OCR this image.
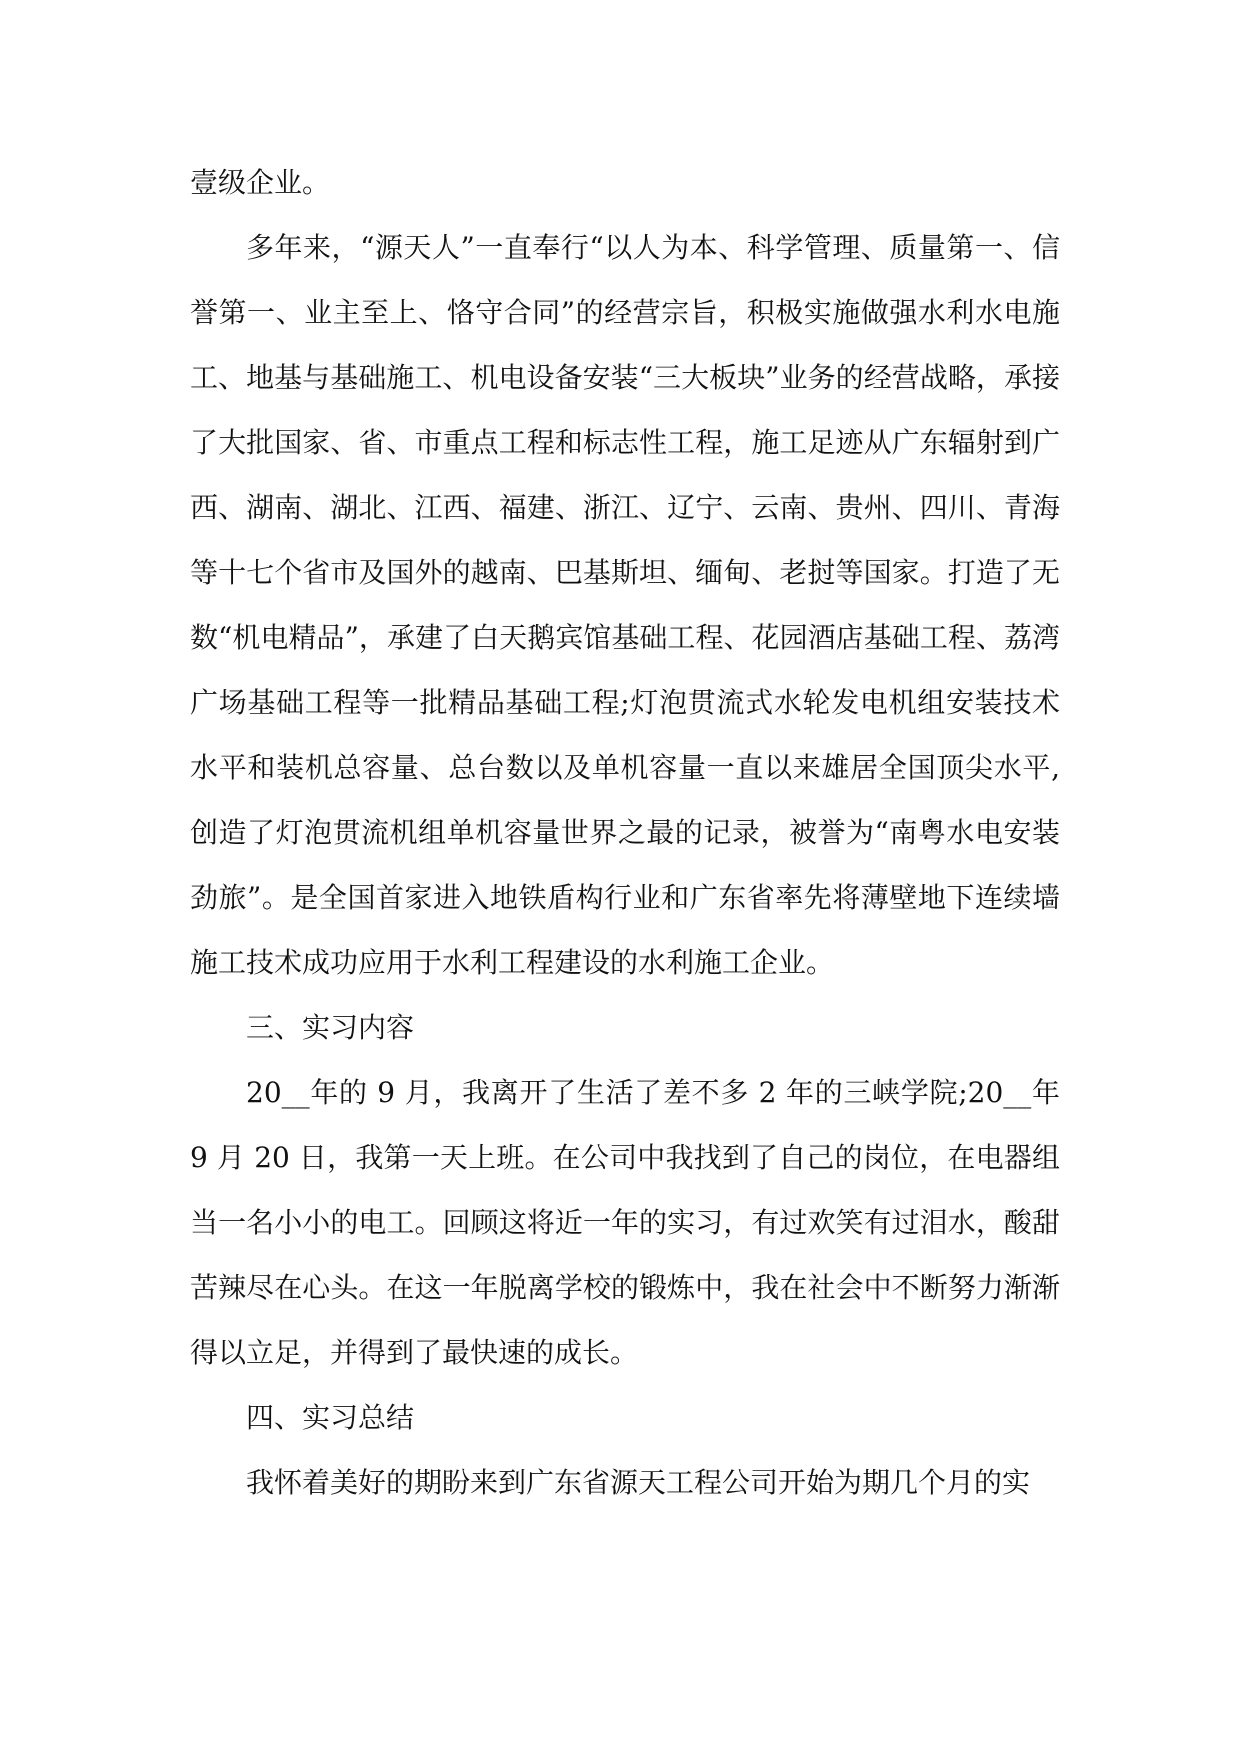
壹级企业。

多年来，“源天人”一直奉行“以人为本、科学管理、质量第一、信誉第一、业主至上、恪守合同”的经营宗旨，积极实施做强水利水电施工、地基与基础施工、机电设备安装“三大板块”业务的经营战略，承接了大批国家、省、市重点工程和标志性工程，施工足迹从广东辐射到广西、湖南、湖北、江西、福建、浙江、辽宁、云南、贵州、四川、青海等十七个省市及国外的越南、巴基斯坦、缅甸、老挝等国家。打造了无数“机电精品”，承建了白天鹅宾馆基础工程、花园酒店基础工程、荔湾广场基础工程等一批精品基础工程;灯泡贯流式水轮发电机组安装技术水平和装机总容量、总台数以及单机容量一直以来雄居全国顶尖水平,创造了灯泡贯流机组单机容量世界之最的记录，被誉为“南粤水电安装劲旅”。是全国首家进入地铁盾构行业和广东省率先将薄壁地下连续墙施工技术成功应用于水利工程建设的水利施工企业。

三、实习内容

20__年的 9 月，我离开了生活了差不多 2 年的三峡学院;20__年 9 月 20 日，我第一天上班。在公司中我找到了自己的岗位，在电器组当一名小小的电工。回顾这将近一年的实习，有过欢笑有过泪水，酸甜苦辣尽在心头。在这一年脱离学校的锻炼中，我在社会中不断努力渐渐得以立足，并得到了最快速的成长。

四、实习总结

我怀着美好的期盼来到广东省源天工程公司开始为期几个月的实
